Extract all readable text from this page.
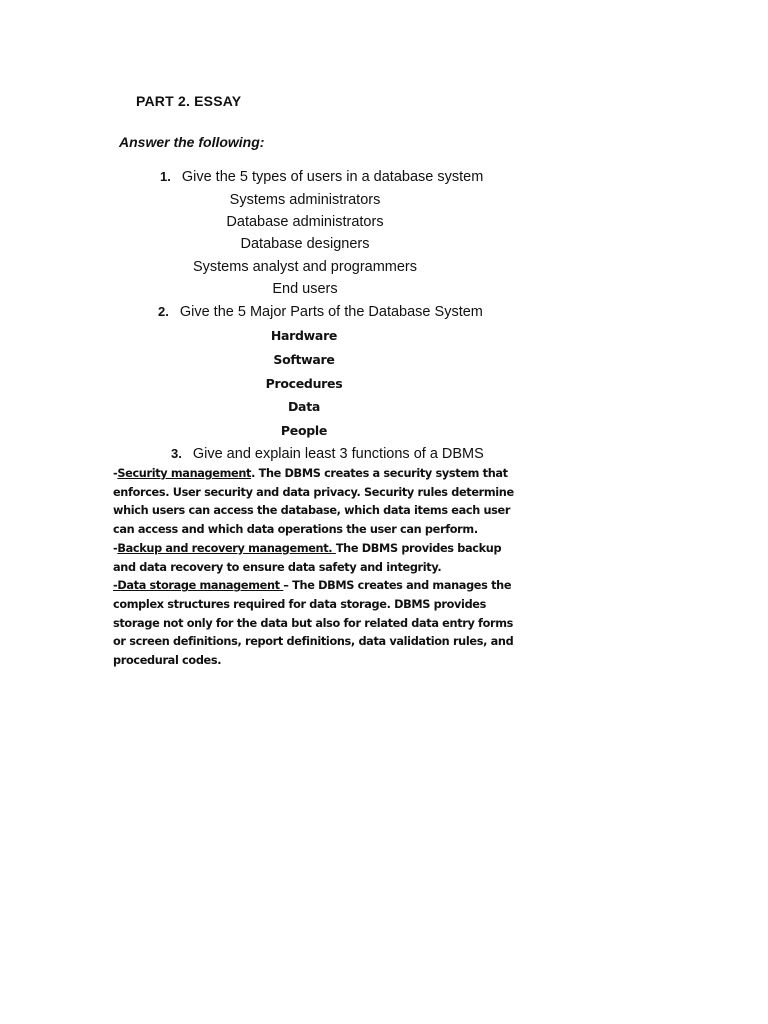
PART 2. ESSAY
Answer the following:
1. Give the 5 types of users in a database system
Systems administrators
Database administrators
Database designers
Systems analyst and programmers
End users
2. Give the 5 Major Parts of the Database System
Hardware
Software
Procedures
Data
People
3. Give and explain least 3 functions of a DBMS
-Security management. The DBMS creates a security system that
enforces. User security and data privacy. Security rules determine
which users can access the database, which data items each user
can access and which data operations the user can perform.
-Backup and recovery management. The DBMS provides backup
and data recovery to ensure data safety and integrity.
-Data storage management – The DBMS creates and manages the
complex structures required for data storage. DBMS provides
storage not only for the data but also for related data entry forms
or screen definitions, report definitions, data validation rules, and
procedural codes.
